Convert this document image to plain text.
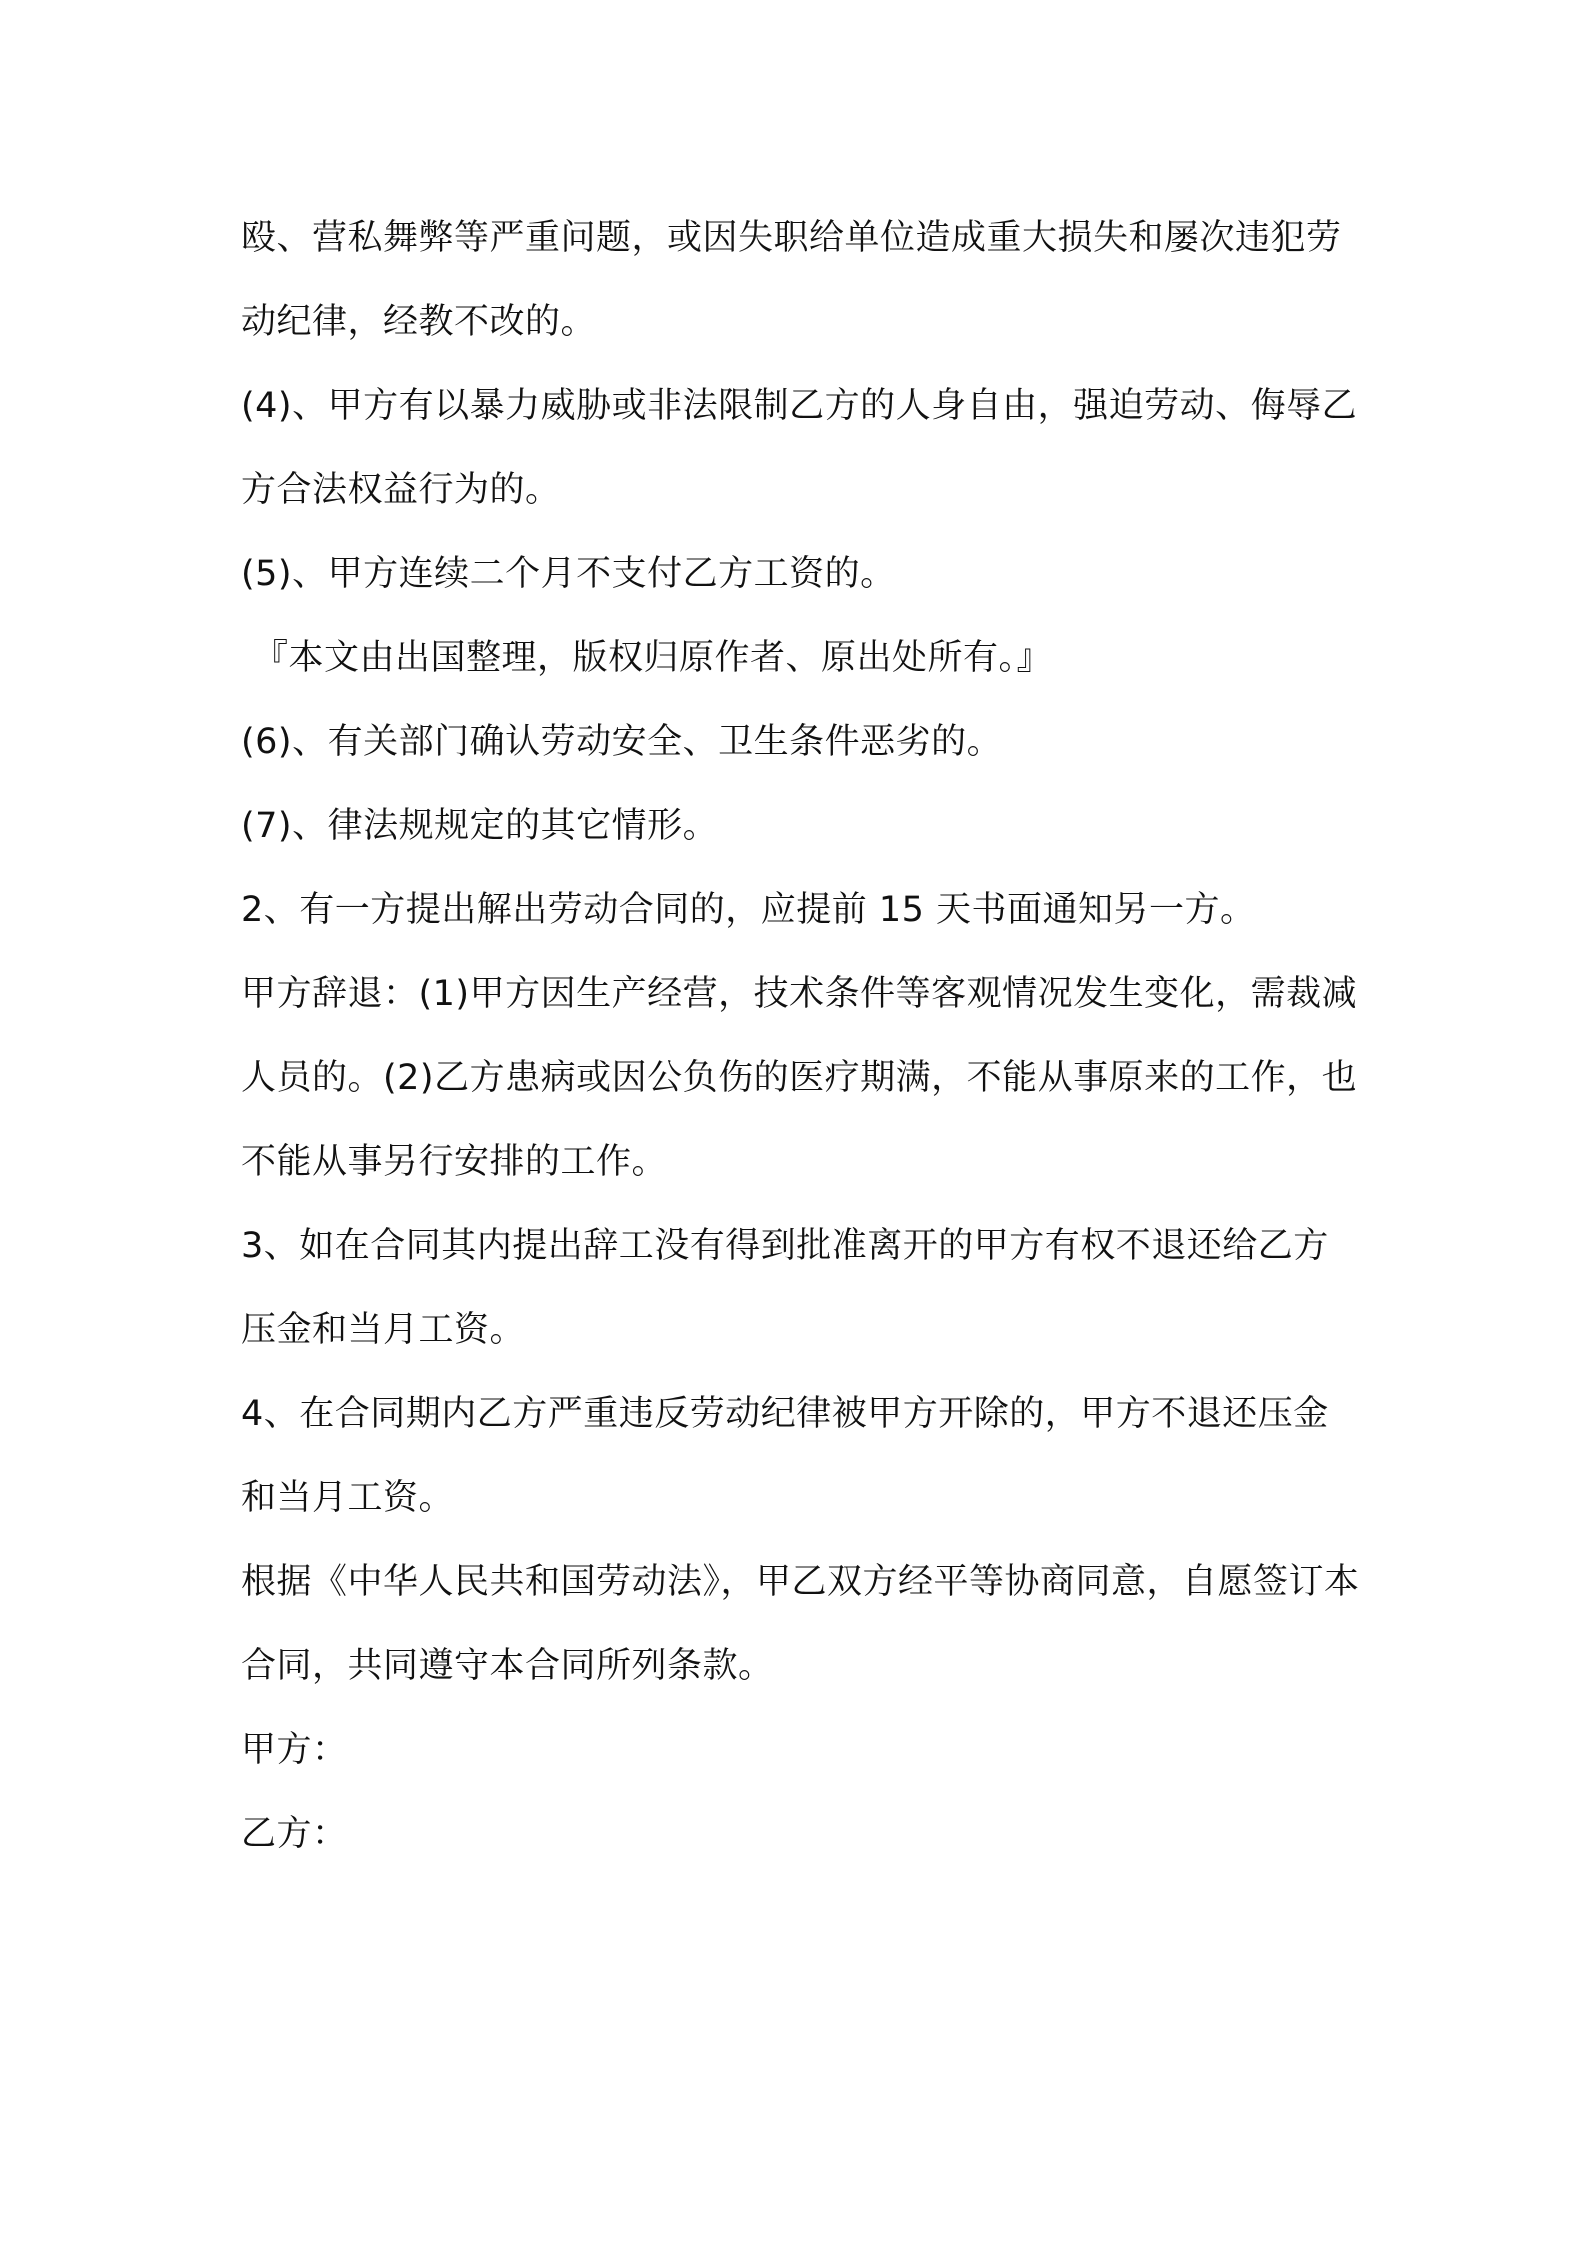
殴、营私舞弊等严重问题，或因失职给单位造成重大损失和屡次违犯劳动纪律，经教不改的。

(4)、甲方有以暴力威胁或非法限制乙方的人身自由，强迫劳动、侮辱乙方合法权益行为的。

(5)、甲方连续二个月不支付乙方工资的。

『本文由出国整理，版权归原作者、原出处所有。』

(6)、有关部门确认劳动安全、卫生条件恶劣的。

(7)、律法规规定的其它情形。

2、有一方提出解出劳动合同的，应提前 15 天书面通知另一方。

甲方辞退：(1)甲方因生产经营，技术条件等客观情况发生变化，需裁减人员的。(2)乙方患病或因公负伤的医疗期满，不能从事原来的工作，也不能从事另行安排的工作。

3、如在合同其内提出辞工没有得到批准离开的甲方有权不退还给乙方压金和当月工资。

4、在合同期内乙方严重违反劳动纪律被甲方开除的，甲方不退还压金和当月工资。

根据《中华人民共和国劳动法》，甲乙双方经平等协商同意，自愿签订本合同，共同遵守本合同所列条款。

甲方：

乙方：
